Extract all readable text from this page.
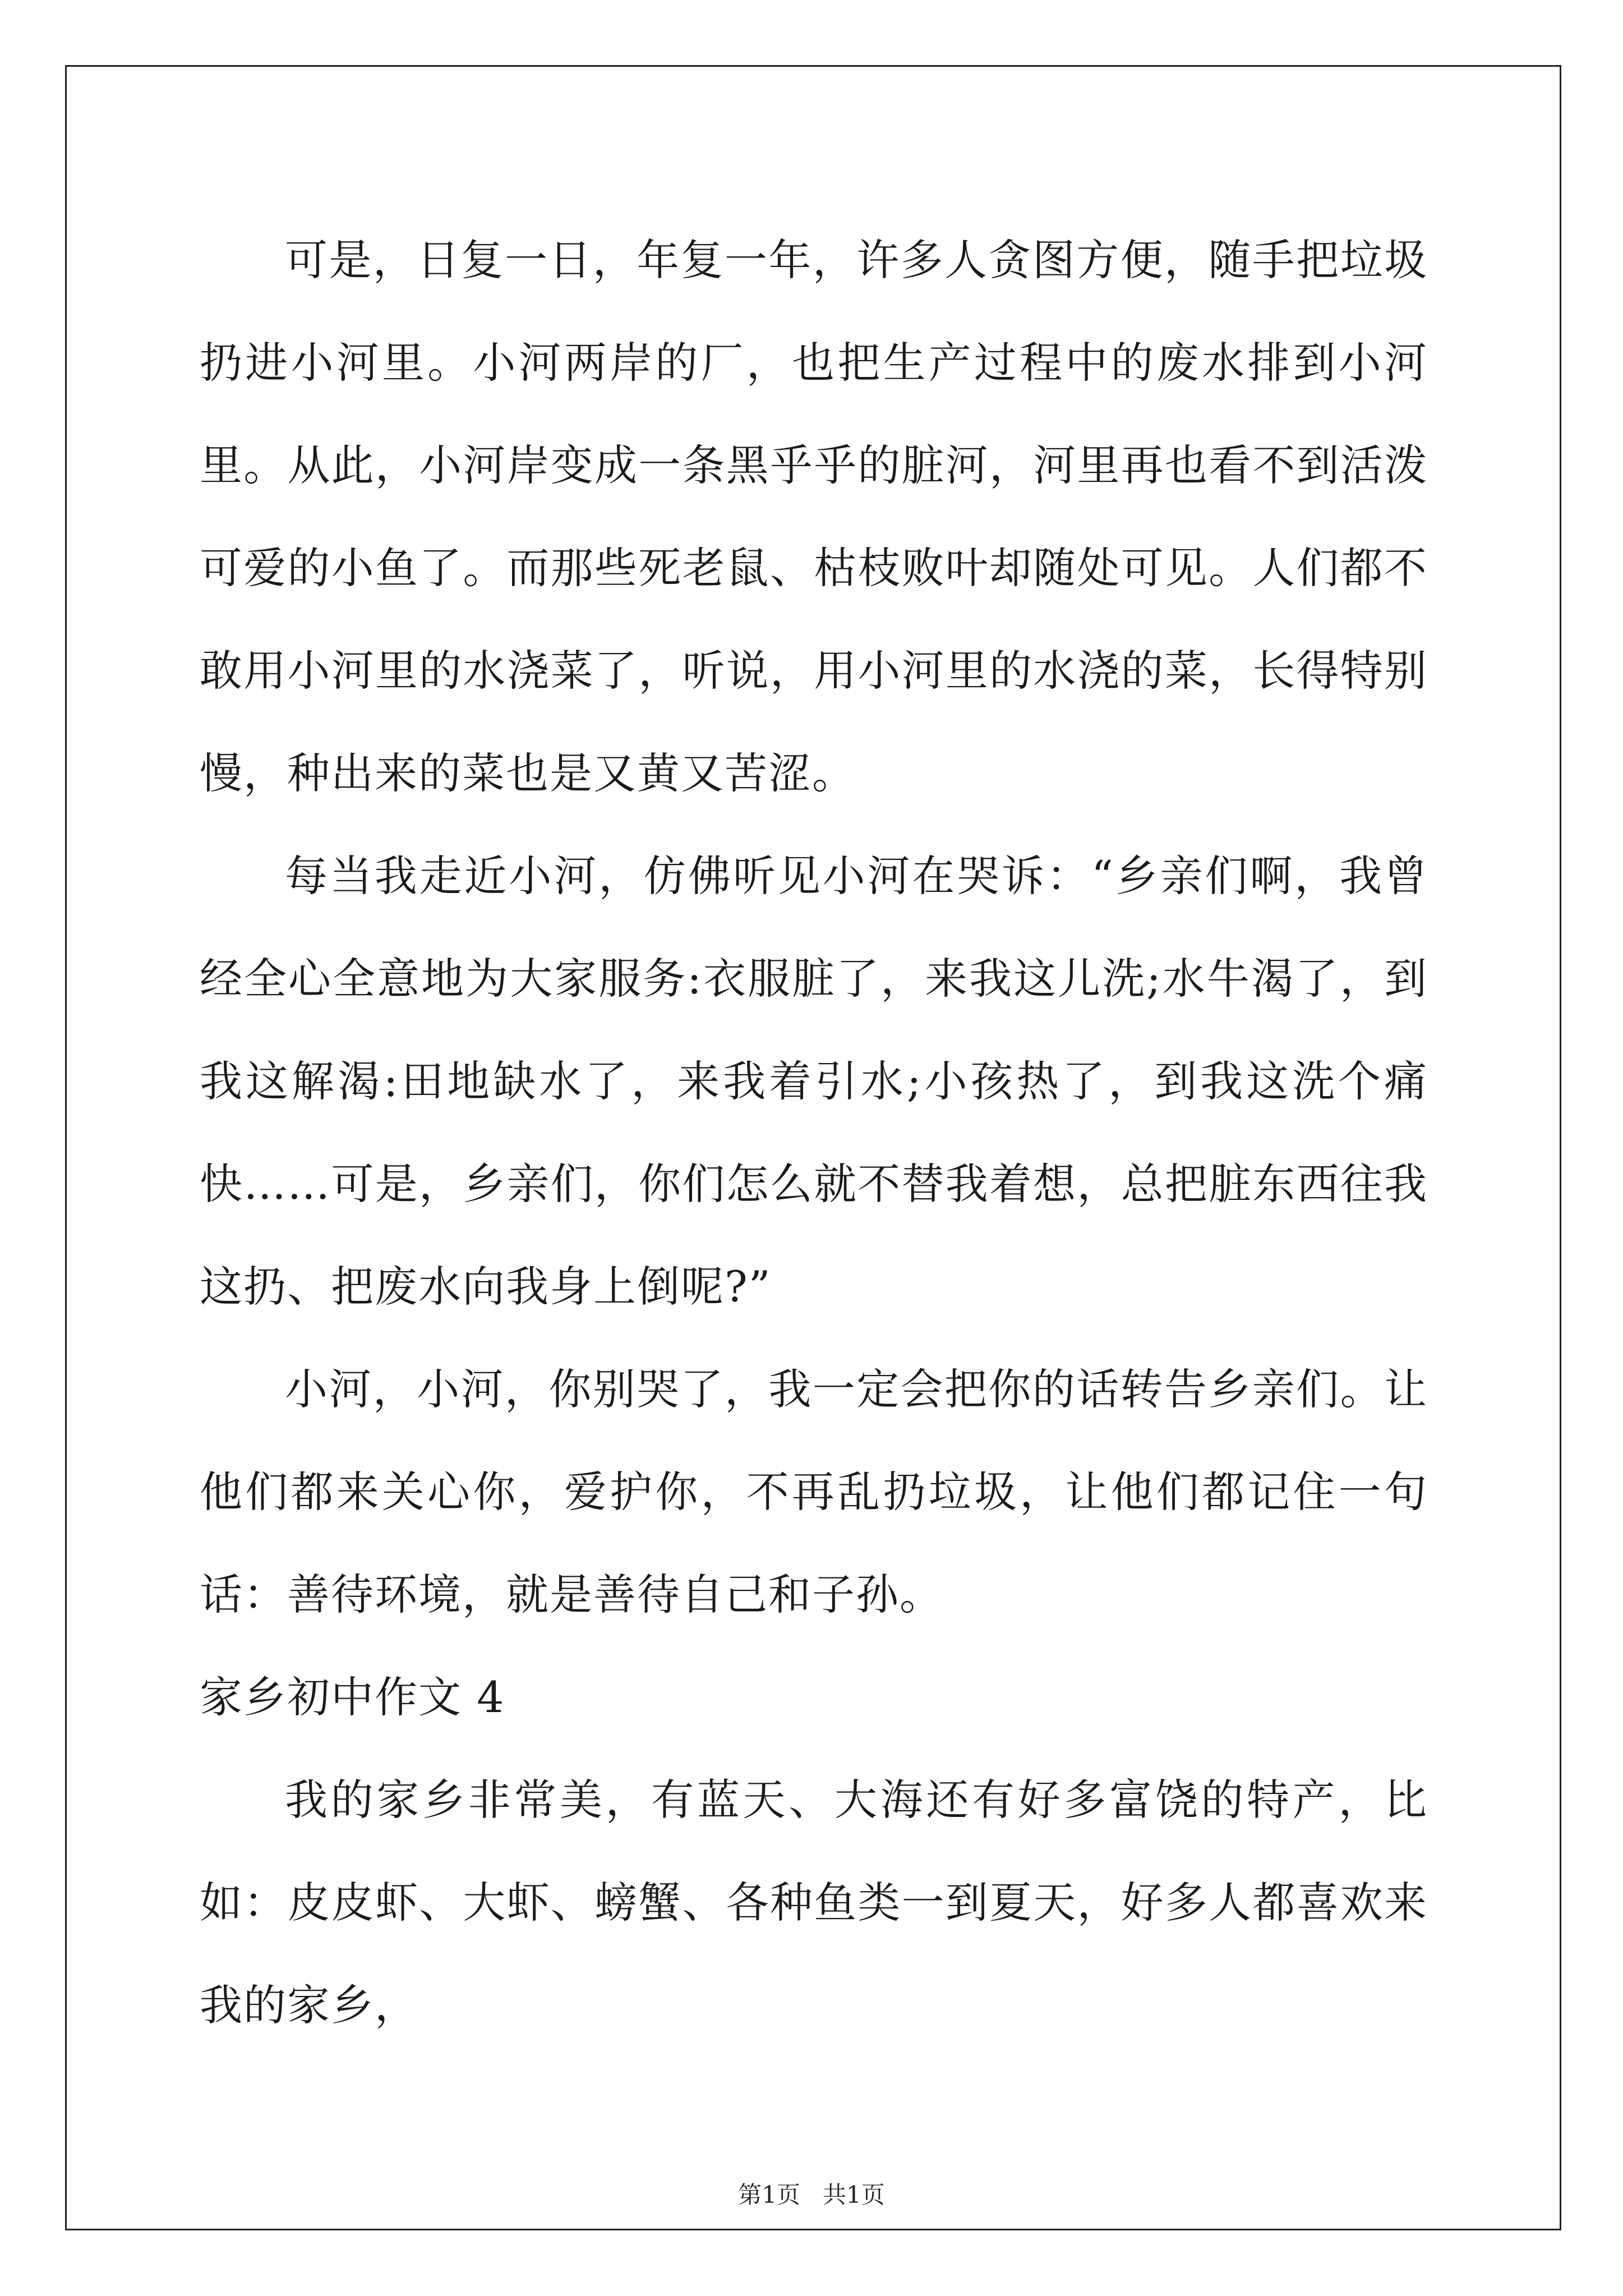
可是，日复一日，年复一年，许多人贪图方便，随手把垃圾扔进小河里。小河两岸的厂，也把生产过程中的废水排到小河里。从此，小河岸变成一条黑乎乎的脏河，河里再也看不到活泼可爱的小鱼了。而那些死老鼠、枯枝败叶却随处可见。人们都不敢用小河里的水浇菜了，听说，用小河里的水浇的菜，长得特别慢，种出来的菜也是又黄又苦涩。

每当我走近小河，仿佛听见小河在哭诉：“乡亲们啊，我曾经全心全意地为大家服务:衣服脏了，来我这儿洗;水牛渴了，到我这解渴:田地缺水了，来我着引水;小孩热了，到我这洗个痛快……可是，乡亲们，你们怎么就不替我着想，总把脏东西往我这扔、把废水向我身上倒呢?”

小河，小河，你别哭了，我一定会把你的话转告乡亲们。让他们都来关心你，爱护你，不再乱扔垃圾，让他们都记住一句话：善待环境，就是善待自己和子孙。

家乡初中作文 4

我的家乡非常美，有蓝天、大海还有好多富饶的特产，比如：皮皮虾、大虾、螃蟹、各种鱼类一到夏天，好多人都喜欢来我的家乡，

第1页 共1页
